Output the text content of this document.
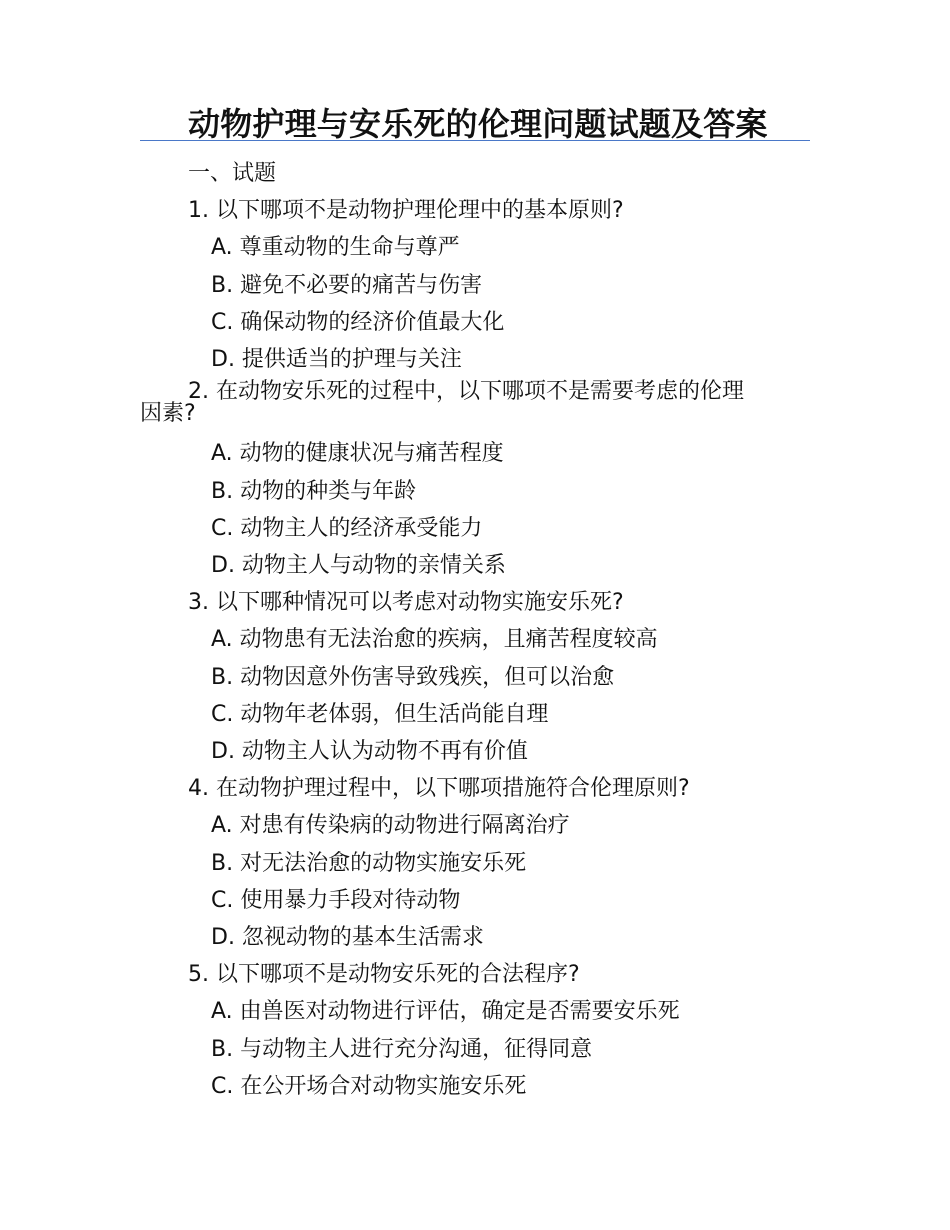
动物护理与安乐死的伦理问题试题及答案
一、试题
1. 以下哪项不是动物护理伦理中的基本原则?
A. 尊重动物的生命与尊严
B. 避免不必要的痛苦与伤害
C. 确保动物的经济价值最大化
D. 提供适当的护理与关注
2. 在动物安乐死的过程中，以下哪项不是需要考虑的伦理
因素?
A. 动物的健康状况与痛苦程度
B. 动物的种类与年龄
C. 动物主人的经济承受能力
D. 动物主人与动物的亲情关系
3. 以下哪种情况可以考虑对动物实施安乐死?
A. 动物患有无法治愈的疾病，且痛苦程度较高
B. 动物因意外伤害导致残疾，但可以治愈
C. 动物年老体弱，但生活尚能自理
D. 动物主人认为动物不再有价值
4. 在动物护理过程中，以下哪项措施符合伦理原则?
A. 对患有传染病的动物进行隔离治疗
B. 对无法治愈的动物实施安乐死
C. 使用暴力手段对待动物
D. 忽视动物的基本生活需求
5. 以下哪项不是动物安乐死的合法程序?
A. 由兽医对动物进行评估，确定是否需要安乐死
B. 与动物主人进行充分沟通，征得同意
C. 在公开场合对动物实施安乐死
